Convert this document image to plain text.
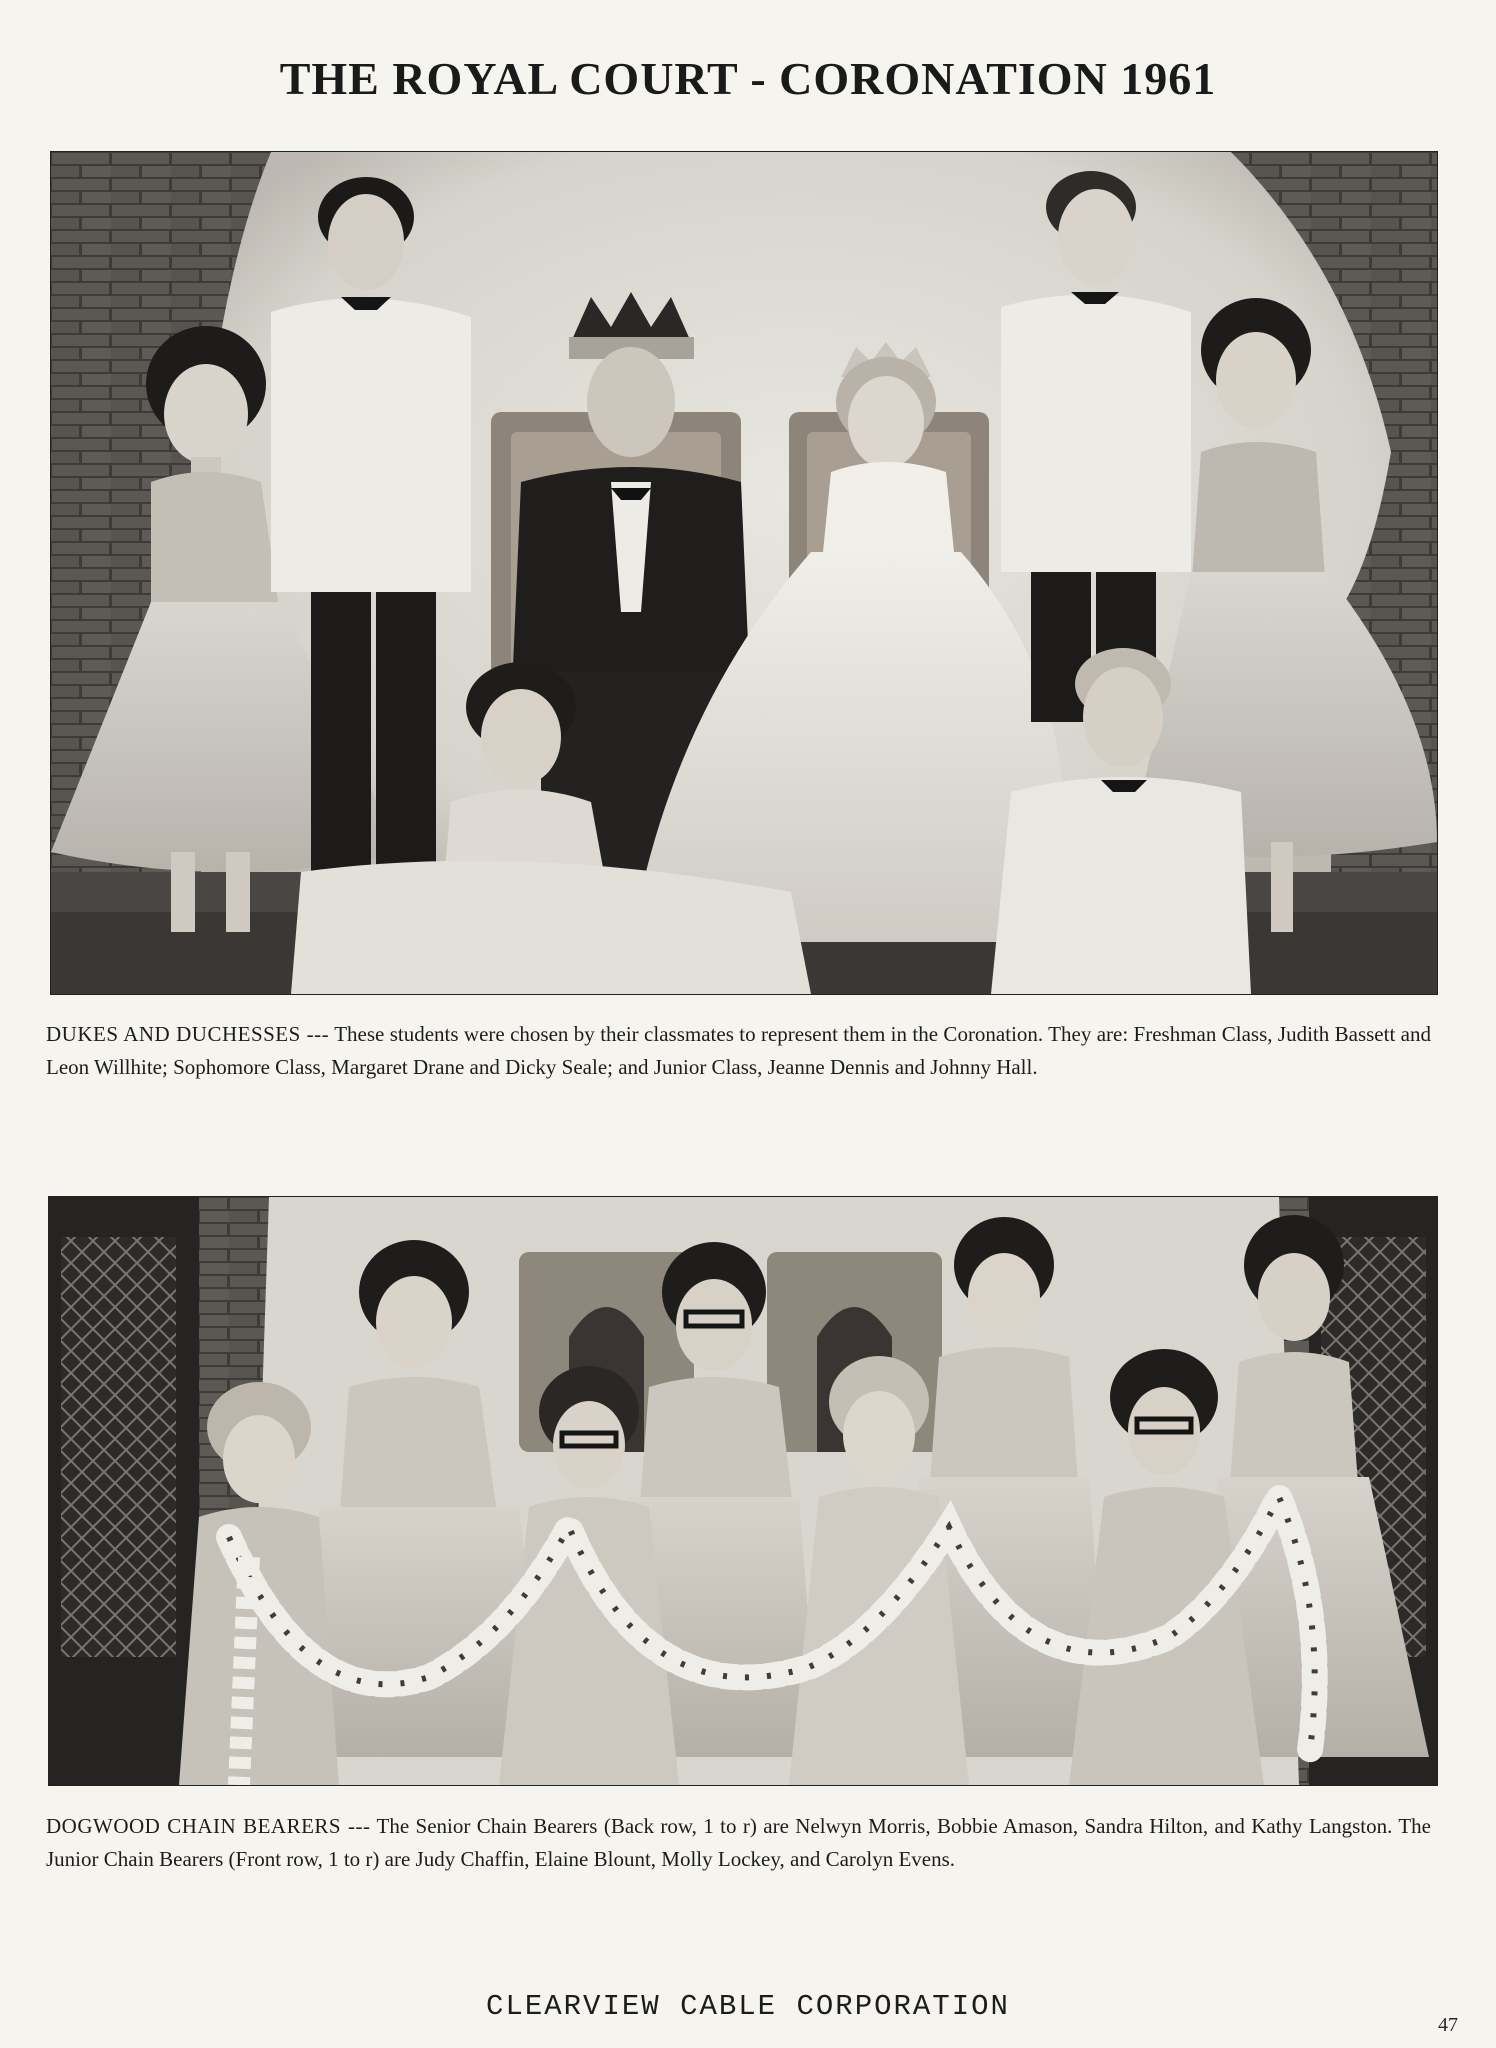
THE ROYAL COURT - CORONATION 1961
DUKES AND DUCHESSES --- These students were chosen by their classmates to represent them in the Coronation. They are: Freshman Class, Judith Bassett and Leon Willhite; Sophomore Class, Margaret Drane and Dicky Seale; and Junior Class, Jeanne Dennis and Johnny Hall.
DOGWOOD CHAIN BEARERS --- The Senior Chain Bearers (Back row, 1 to r) are Nelwyn Morris, Bobbie Amason, Sandra Hilton, and Kathy Langston. The Junior Chain Bearers (Front row, 1 to r) are Judy Chaffin, Elaine Blount, Molly Lockey, and Carolyn Evens.
CLEARVIEW CABLE CORPORATION
47
